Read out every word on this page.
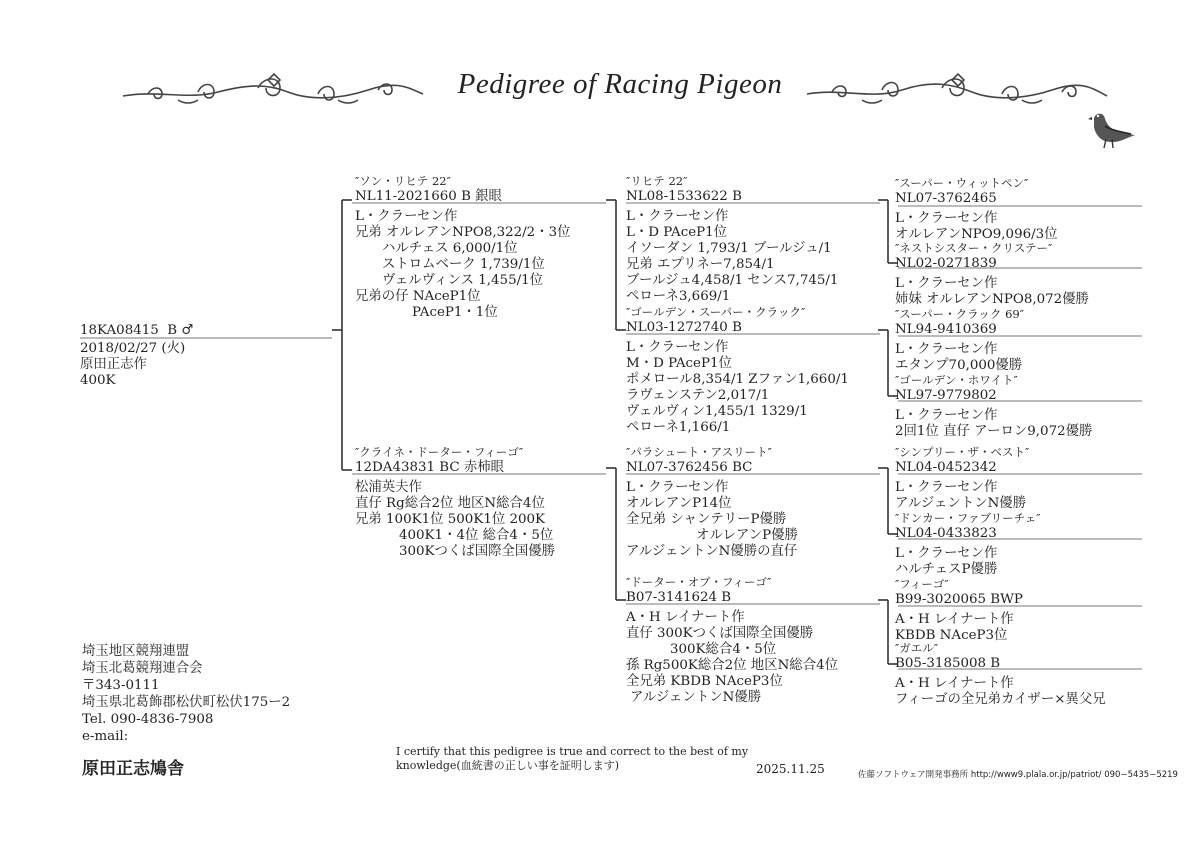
Pedigree of Racing Pigeon
18KA08415 B ♂
2018/02/27 (火)
原田正志作
400K
″ソン・リヒテ 22″
NL11-2021660 B 銀眼
L・クラーセン作
兄弟 オルレアンNPO8,322/2・3位
ハルチェス 6,000/1位
ストロムベーク 1,739/1位
ヴェルヴィンス 1,455/1位
兄弟の仔 NAceP1位
PAceP1・1位
″クライネ・ドーター・フィーゴ″
12DA43831 BC 赤柿眼
松浦英夫作
直仔 Rg総合2位 地区N総合4位
兄弟 100K1位 500K1位 200K
400K1・4位 総合4・5位
300Kつくば国際全国優勝
″リヒテ 22″
NL08-1533622 B
L・クラーセン作
L・D PAceP1位
イソーダン 1,793/1 ブールジュ/1
兄弟 エプリネー7,854/1
ブールジュ4,458/1 センス7,745/1
ペローネ3,669/1
″ゴールデン・スーパー・クラック″
NL03-1272740 B
L・クラーセン作
M・D PAceP1位
ポメロール8,354/1 Zファン1,660/1
ラヴェンステン2,017/1
ヴェルヴィン1,455/1 1329/1
ペローネ1,166/1
″パラシュート・アスリート″
NL07-3762456 BC
L・クラーセン作
オルレアンP14位
全兄弟 シャンテリーP優勝
オルレアンP優勝
アルジェントンN優勝の直仔
″ドーター・オブ・フィーゴ″
B07-3141624 B
A・H レイナート作
直仔 300Kつくば国際全国優勝
300K総合4・5位
孫 Rg500K総合2位 地区N総合4位
全兄弟 KBDB NAceP3位
アルジェントンN優勝
″スーパー・ウィットペン″
NL07-3762465
L・クラーセン作
オルレアンNPO9,096/3位
″ネストシスター・クリステー″
NL02-0271839
L・クラーセン作
姉妹 オルレアンNPO8,072優勝
″スーパー・クラック 69″
NL94-9410369
L・クラーセン作
エタンプ70,000優勝
″ゴールデン・ホワイト″
NL97-9779802
L・クラーセン作
2回1位 直仔 アーロン9,072優勝
″シンプリー・ザ・ベスト″
NL04-0452342
L・クラーセン作
アルジェントンN優勝
″ドンカー・ファブリーチェ″
NL04-0433823
L・クラーセン作
ハルチェスP優勝
″フィーゴ″
B99-3020065 BWP
A・H レイナート作
KBDB NAceP3位
″ガエル″
B05-3185008 B
A・H レイナート作
フィーゴの全兄弟カイザー×異父兄
埼玉地区競翔連盟
埼玉北葛競翔連合会
〒343-0111
埼玉県北葛飾郡松伏町松伏175ー2
Tel. 090-4836-7908
e-mail:
原田正志鳩舎
I certify that this pedigree is true and correct to the best of my
knowledge(血統書の正しい事を証明します)	2025.11.25	佐藤ソフトウェア開発事務所 http://www9.plala.or.jp/patriot/ 090−5435−5219
